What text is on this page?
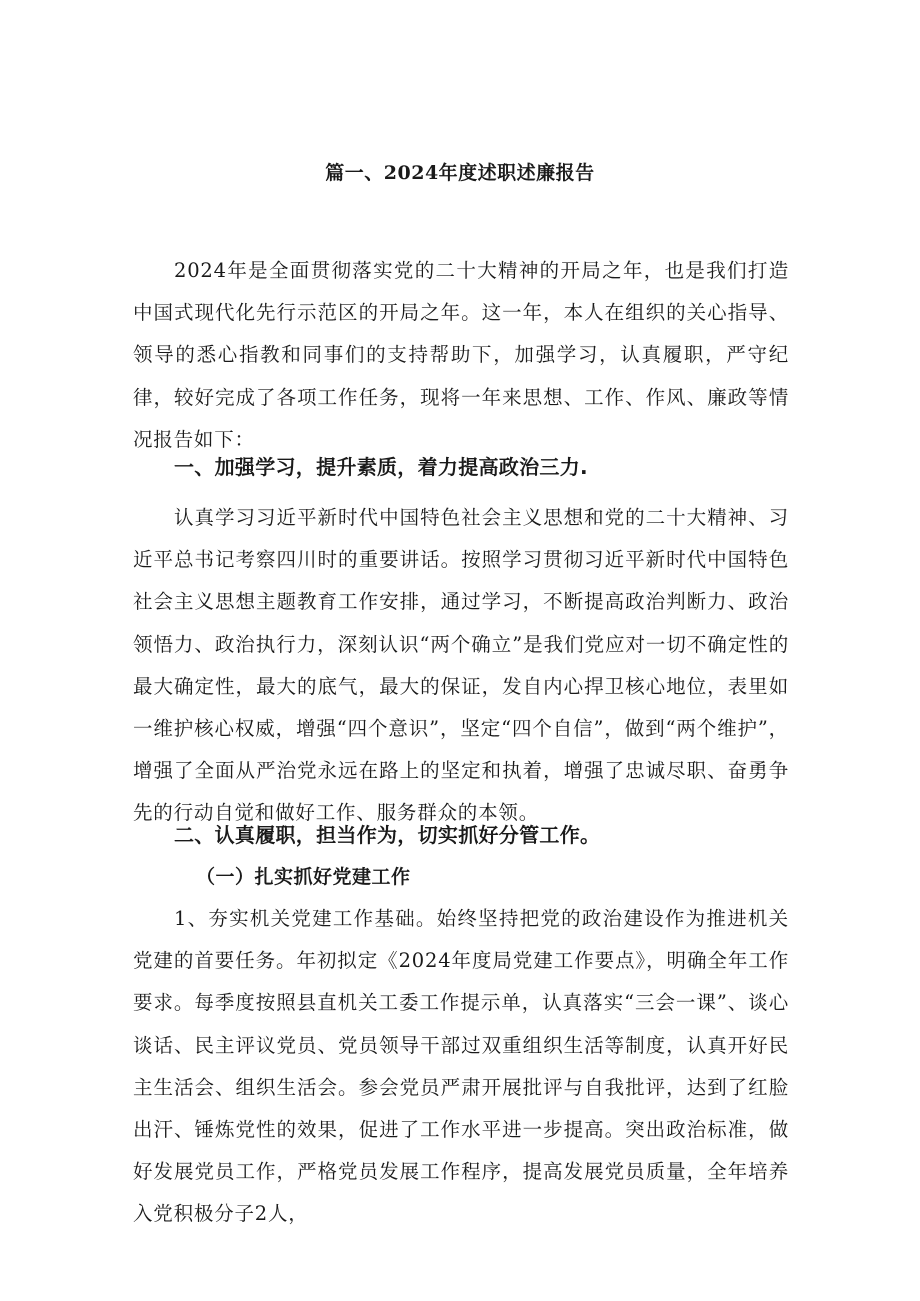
篇一、2024年度述职述廉报告

2024年是全面贯彻落实党的二十大精神的开局之年，也是我们打造中国式现代化先行示范区的开局之年。这一年，本人在组织的关心指导、领导的悉心指教和同事们的支持帮助下，加强学习，认真履职，严守纪律，较好完成了各项工作任务，现将一年来思想、工作、作风、廉政等情况报告如下：

一、加强学习，提升素质，着力提高政治三力.

认真学习习近平新时代中国特色社会主义思想和党的二十大精神、习近平总书记考察四川时的重要讲话。按照学习贯彻习近平新时代中国特色社会主义思想主题教育工作安排，通过学习，不断提高政治判断力、政治领悟力、政治执行力，深刻认识“两个确立”是我们党应对一切不确定性的最大确定性，最大的底气，最大的保证，发自内心捍卫核心地位，表里如一维护核心权威，增强“四个意识”，坚定“四个自信”，做到“两个维护”，增强了全面从严治党永远在路上的坚定和执着，增强了忠诚尽职、奋勇争先的行动自觉和做好工作、服务群众的本领。

二、认真履职，担当作为，切实抓好分管工作。
（一）扎实抓好党建工作

1、夯实机关党建工作基础。始终坚持把党的政治建设作为推进机关党建的首要任务。年初拟定《2024年度局党建工作要点》，明确全年工作要求。每季度按照县直机关工委工作提示单，认真落实“三会一课”、谈心谈话、民主评议党员、党员领导干部过双重组织生活等制度，认真开好民主生活会、组织生活会。参会党员严肃开展批评与自我批评，达到了红脸出汗、锤炼党性的效果，促进了工作水平进一步提高。突出政治标准，做好发展党员工作，严格党员发展工作程序，提高发展党员质量，全年培养入党积极分子2人，
